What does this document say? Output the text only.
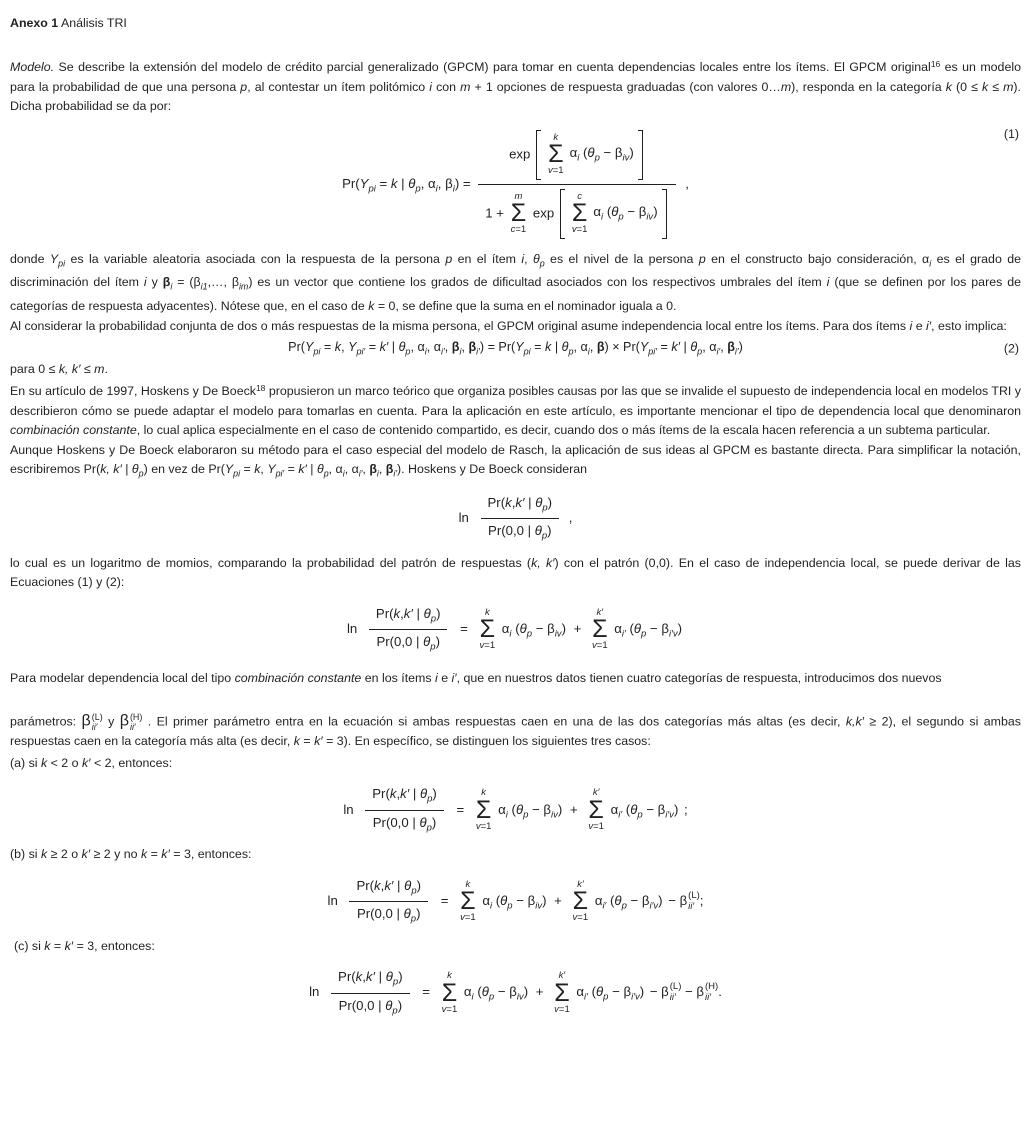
Anexo 1 Análisis TRI

Modelo. Se describe la extensión del modelo de crédito parcial generalizado (GPCM) para tomar en cuenta dependencias locales entre los ítems. El GPCM original$^{16}$ es un modelo para la probabilidad de que una persona p, al contestar un ítem politómico i con m + 1 opciones de respuesta graduadas (con valores 0…m), responda en la categoría k (0 ≤ k ≤ m). Dicha probabilidad se da por:

$Pr(Y_{pi} = k$ | $\theta_p$, $\alpha_i$, $\beta_i$) =
exp
k
Σ
v=1
$\alpha_i$ $(\theta_p - \beta_{iv})$
1 +
m
Σ
c=1
exp
c
Σ
v=1
$\alpha_i$ $(\theta_p - \beta_{iv})$
,
(1)

donde $Y_{pi}$ es la variable aleatoria asociada con la respuesta de la persona p en el ítem i, $\theta_p$ es el nivel de la persona p en el constructo bajo consideración, $\alpha_i$ es el grado de discriminación del ítem i y $\beta_i$ = ($\beta_{i1},\dots$, $\beta_{im}$) es un vector que contiene los grados de dificultad asociados con los respectivos umbrales del ítem i (que se definen por los pares de categorías de respuesta adyacentes). Nótese que, en el caso de k = 0, se define que la suma en el nominador iguala a 0.

Al considerar la probabilidad conjunta de dos o más respuestas de la misma persona, el GPCM original asume independencia local entre los ítems. Para dos ítems i e i′, esto implica:

$Pr(Y_{pi} = k$, $Y_{pi'} = k'$ | $\theta_p$, $\alpha_i$, $\alpha_{i'}$, $\beta_i$, $\beta_{i'}) = Pr(Y_{pi} = k$ | $\theta_p$, $\alpha_i$, $\beta) \times Pr(Y_{pi'} = k'$ | $\theta_p$, $\alpha_{i'}$, $\beta_{i'}$)	(2)

para 0 ≤ k, k′ ≤ m.

En su artículo de 1997, Hoskens y De Boeck$^{18}$ propusieron un marco teórico que organiza posibles causas por las que se invalide el supuesto de independencia local en modelos TRI y describieron cómo se puede adaptar el modelo para tomarlas en cuenta. Para la aplicación en este artículo, es importante mencionar el tipo de dependencia local que denominaron combinación constante, lo cual aplica especialmente en el caso de contenido compartido, es decir, cuando dos o más ítems de la escala hacen referencia a un subtema particular.

Aunque Hoskens y De Boeck elaboraron su método para el caso especial del modelo de Rasch, la aplicación de sus ideas al GPCM es bastante directa. Para simplificar la notación, escribiremos Pr(k, k′ | $\theta_p$) en vez de $Pr(Y_{pi} = k$, $Y_{pi'} = k'$ | $\theta_p$, $\alpha_i$, $\alpha_{i'}$, $\beta_i$, $\beta_{i'}$). Hoskens y De Boeck consideran

$\ln \frac{Pr(k,k' | \theta_p)}{Pr(0,0 | \theta_p)}$ ,

lo cual es un logaritmo de momios, comparando la probabilidad del patrón de respuestas (k, k′) con el patrón (0,0). En el caso de independencia local, se puede derivar de las Ecuaciones (1) y (2):

$\ln \frac{Pr(k,k' | \theta_p)}{Pr(0,0 | \theta_p)}$ =
k
Σ
v=1
$\alpha_i$ $(\theta_p - \beta_{iv})$ +
k′
Σ
v=1
$\alpha_{i'}$ $(\theta_p - \beta_{i'v})$

Para modelar dependencia local del tipo combinación constante en los ítems i e i′, que en nuestros datos tienen cuatro categorías de respuesta, introducimos dos nuevos

parámetros: β (L)
ii′ y β (H)
ii′ . El primer parámetro entra en la ecuación si ambas respuestas caen en una de las dos categorías más altas (es decir, k,k′ ≥ 2), el segundo si ambas respuestas caen en la categoría más alta (es decir, k = k′ = 3). En específico, se distinguen los siguientes tres casos:

(a) si k < 2 o k′ < 2, entonces:

$\ln \frac{Pr(k,k' | \theta_p)}{Pr(0,0 | \theta_p)}$ =
k
Σ
v=1
$\alpha_i$ $(\theta_p - \beta_{iv})$ +
k′
Σ
v=1
$\alpha_{i'}$ $(\theta_p - \beta_{i'v})$ ;

(b) si k ≥ 2 o k′ ≥ 2 y no k = k′ = 3, entonces:

$\ln \frac{Pr(k,k' | \theta_p)}{Pr(0,0 | \theta_p)}$ =
k
Σ
v=1
$\alpha_i$ $(\theta_p - \beta_{iv})$ +
k′
Σ
v=1
$\alpha_{i'}$ $(\theta_p - \beta_{i'v}) - \beta$ (L)
ii′ ;

(c) si k = k′ = 3, entonces:

$\ln \frac{Pr(k,k' | \theta_p)}{Pr(0,0 | \theta_p)}$ =
k
Σ
v=1
$\alpha_i$ $(\theta_p - \beta_{iv})$ +
k′
Σ
v=1
$\alpha_{i'}$ $(\theta_p - \beta_{i'v}) - \beta$ (L)
ii′ − β (H)
ii′ .
